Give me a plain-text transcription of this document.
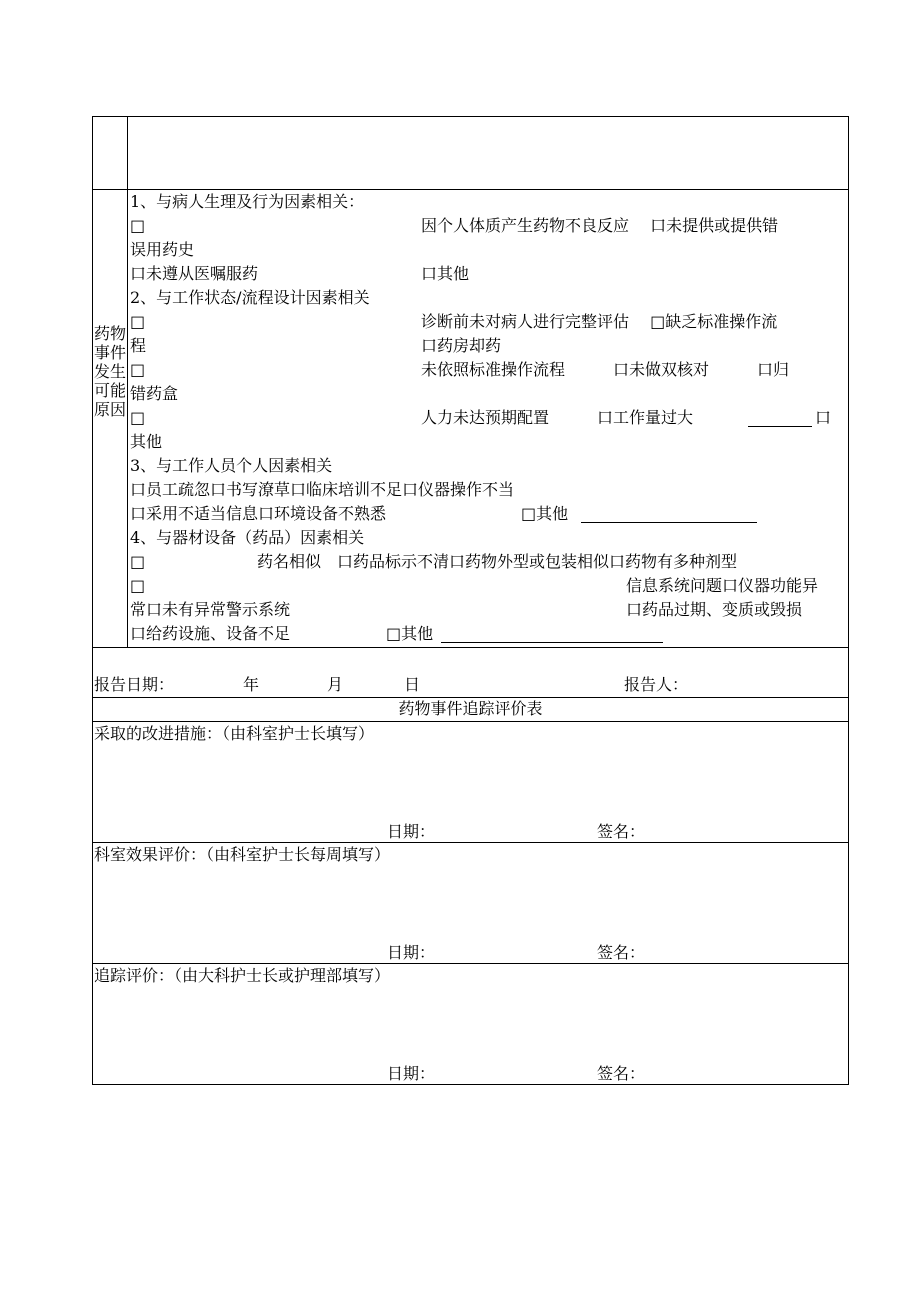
药物事件发生可能原因
1、与病人生理及行为因素相关：
□	因个人体质产生药物不良反应　 口未提供或提供错
误用药史
口未遵从医嘱服药	口其他
2、与工作状态/流程设计因素相关
□	诊断前未对病人进行完整评估　 □缺乏标准操作流
程	口药房却药
□	未依照标准操作流程　　　口未做双核对　　　口归
错药盒
□	人力未达预期配置　　　口工作量过大	口
其他
3、与工作人员个人因素相关
口员工疏忽口书写潦草口临床培训不足口仪器操作不当
口采用不适当信息口环境设备不熟悉	□其他
4、与器材设备（药品）因素相关
□	药名相似　口药品标示不清口药物外型或包装相似口药物有多种剂型
□	信息系统问题口仪器功能异
常口未有异常警示系统	口药品过期、变质或毁损
口给药设施、设备不足	□其他
报告日期：	年	月	日	报告人：
药物事件追踪评价表
采取的改进措施：（由科室护士长填写）
日期：	签名：
科室效果评价：（由科室护士长每周填写）
日期：	签名：
追踪评价：（由大科护士长或护理部填写）
日期：	签名：
